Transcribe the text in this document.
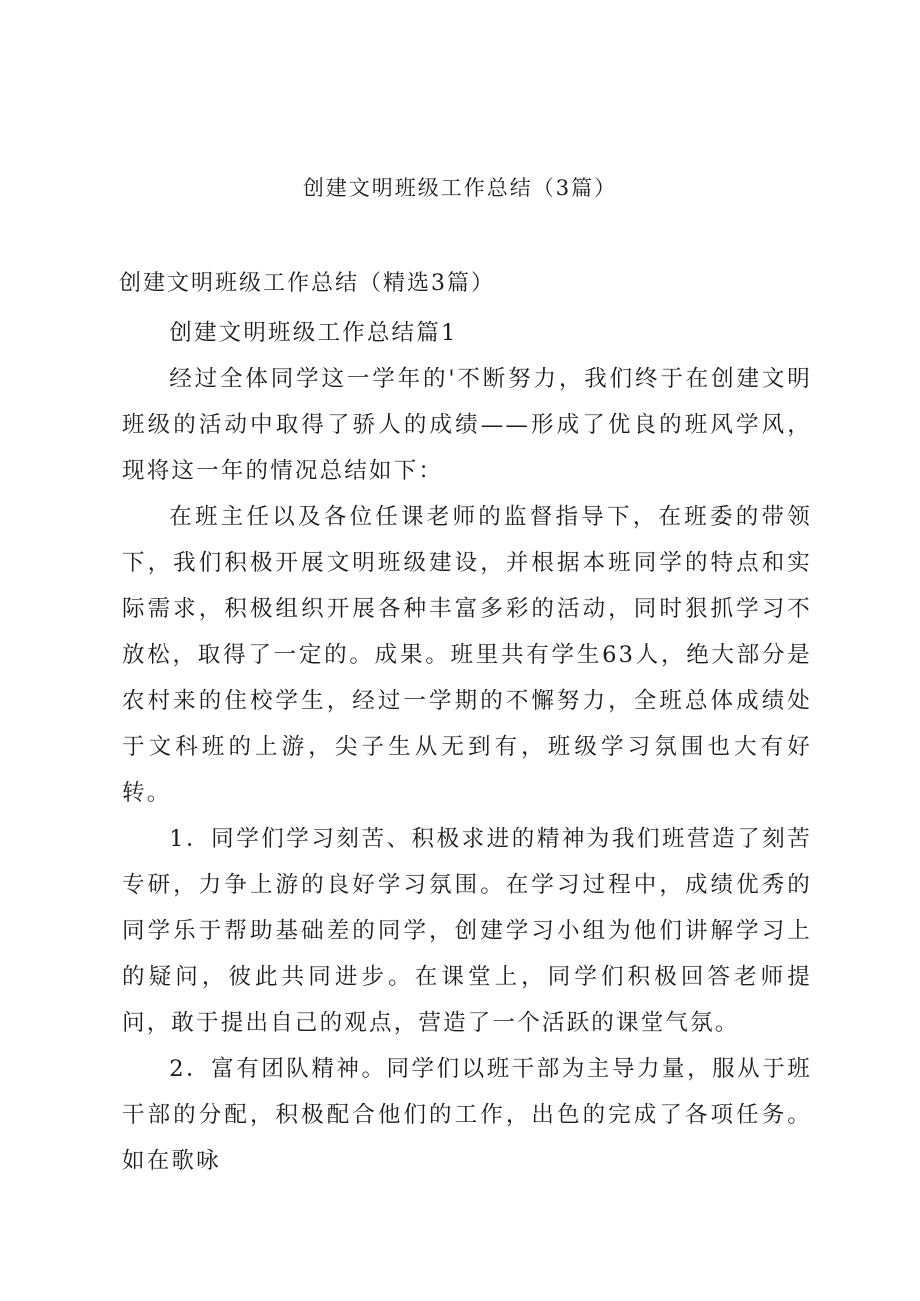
创建文明班级工作总结（3篇）
创建文明班级工作总结（精选3篇）

创建文明班级工作总结篇1

经过全体同学这一学年的'不断努力，我们终于在创建文明班级的活动中取得了骄人的成绩——形成了优良的班风学风，现将这一年的情况总结如下：

在班主任以及各位任课老师的监督指导下，在班委的带领下，我们积极开展文明班级建设，并根据本班同学的特点和实际需求，积极组织开展各种丰富多彩的活动，同时狠抓学习不放松，取得了一定的。成果。班里共有学生63人，绝大部分是农村来的住校学生，经过一学期的不懈努力，全班总体成绩处于文科班的上游，尖子生从无到有，班级学习氛围也大有好转。

1．同学们学习刻苦、积极求进的精神为我们班营造了刻苦专研，力争上游的良好学习氛围。在学习过程中，成绩优秀的同学乐于帮助基础差的同学，创建学习小组为他们讲解学习上的疑问，彼此共同进步。在课堂上，同学们积极回答老师提问，敢于提出自己的观点，营造了一个活跃的课堂气氛。

2．富有团队精神。同学们以班干部为主导力量，服从于班干部的分配，积极配合他们的工作，出色的完成了各项任务。如在歌咏
